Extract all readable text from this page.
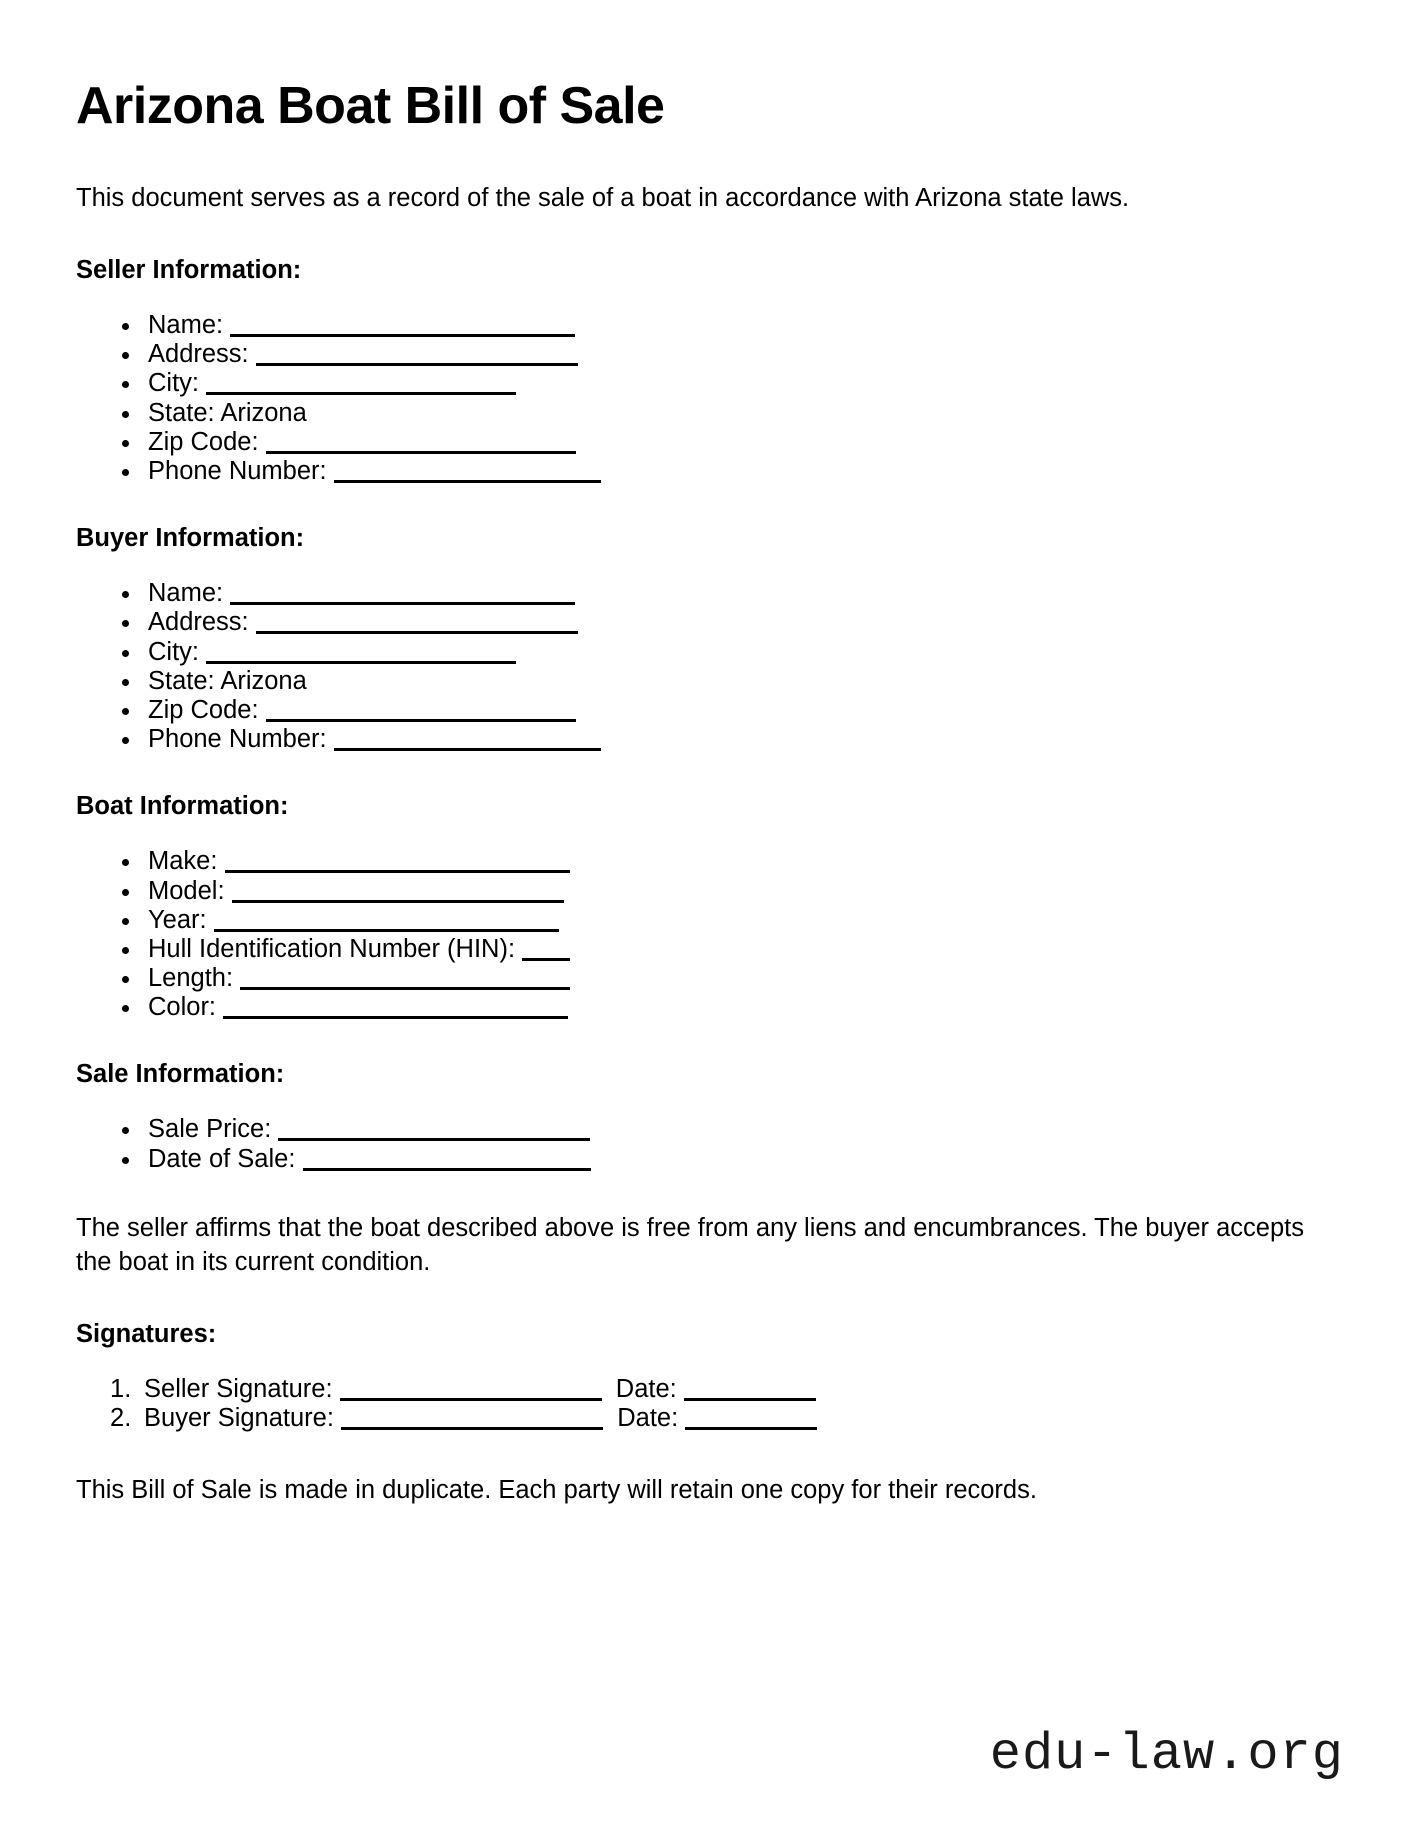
Arizona Boat Bill of Sale

This document serves as a record of the sale of a boat in accordance with Arizona state laws.

Seller Information:
Name:
Address:
City:
State: Arizona
Zip Code:
Phone Number:
Buyer Information:
Name:
Address:
City:
State: Arizona
Zip Code:
Phone Number:
Boat Information:
Make:
Model:
Year:
Hull Identification Number (HIN):
Length:
Color:
Sale Information:
Sale Price:
Date of Sale:

The seller affirms that the boat described above is free from any liens and encumbrances. The buyer accepts the boat in its current condition.

Signatures:
Seller Signature:	Date:
Buyer Signature:	Date:

This Bill of Sale is made in duplicate. Each party will retain one copy for their records.

edu-law.org
